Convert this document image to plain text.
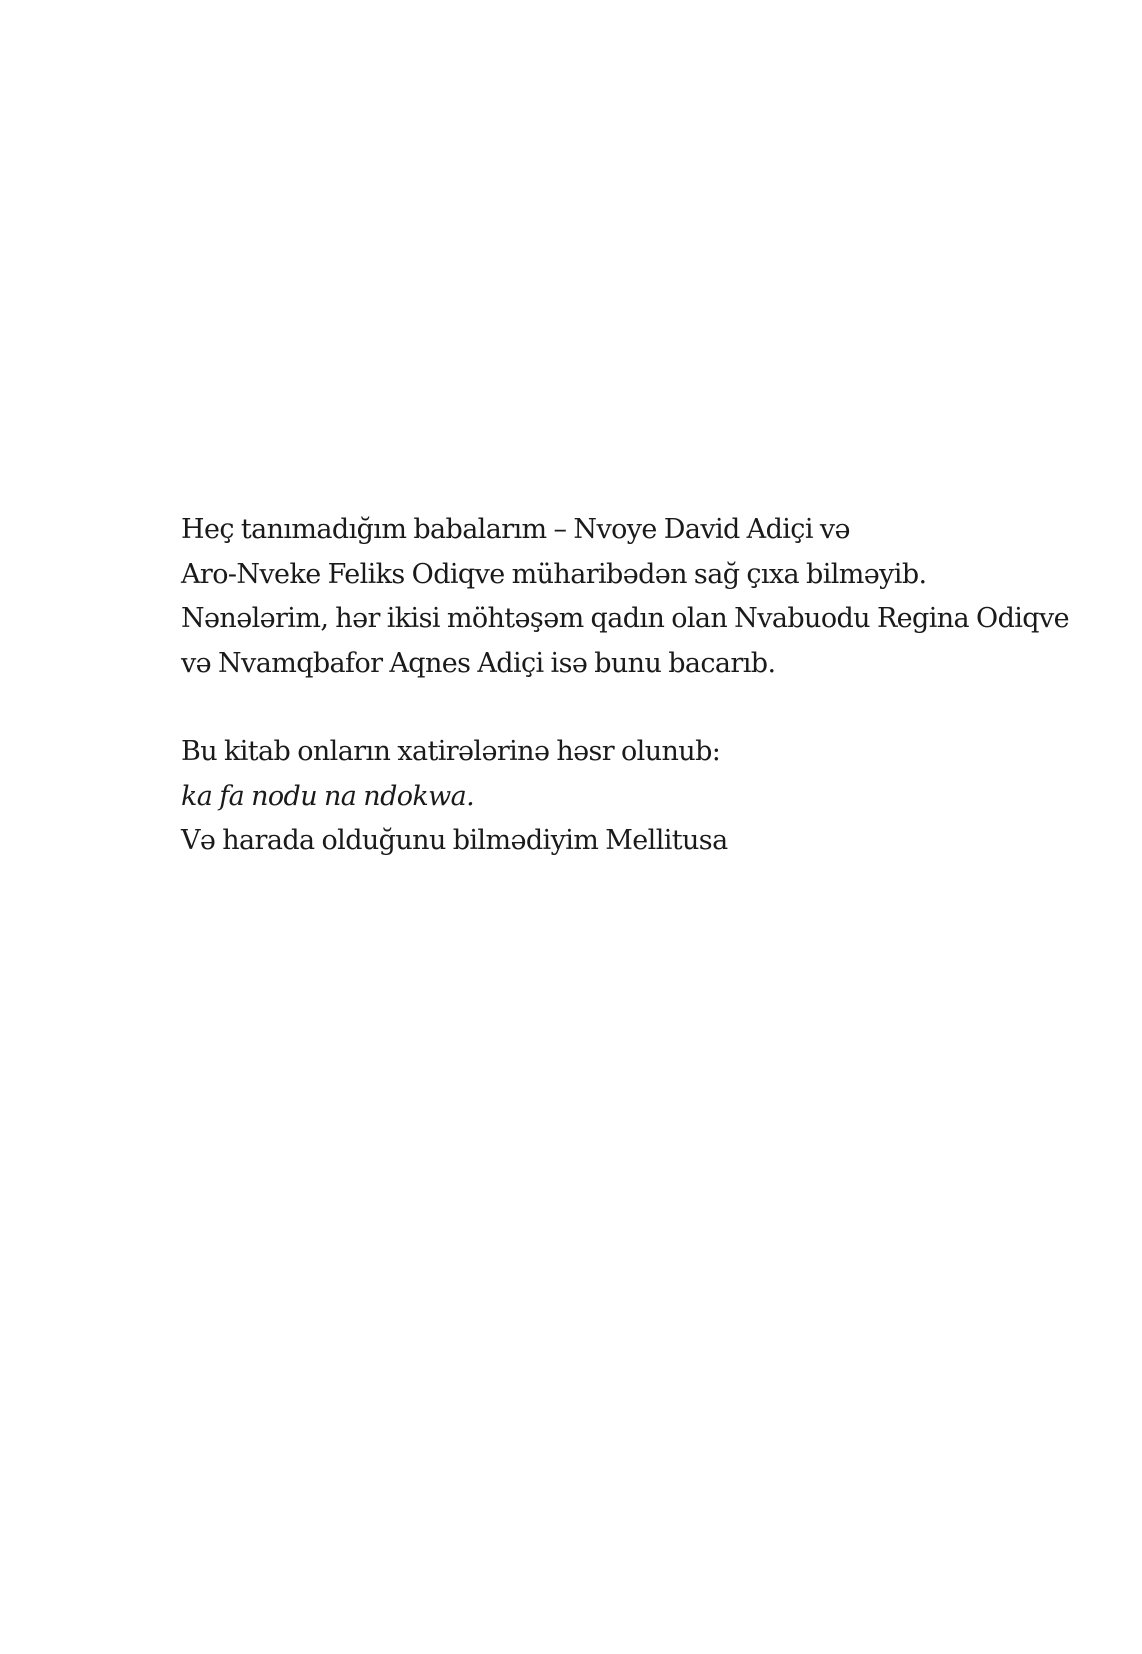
Heç tanımadığım babalarım – Nvoye David Adiçi və
Aro-Nveke Feliks Odiqve müharibədən sağ çıxa bilməyib.
Nənələrim, hər ikisi möhtəşəm qadın olan Nvabuodu Regina Odiqve
və Nvamqbafor Aqnes Adiçi isə bunu bacarıb.

Bu kitab onların xatirələrinə həsr olunub:
ka fa nodu na ndokwa.
Və harada olduğunu bilmədiyim Mellitusa
